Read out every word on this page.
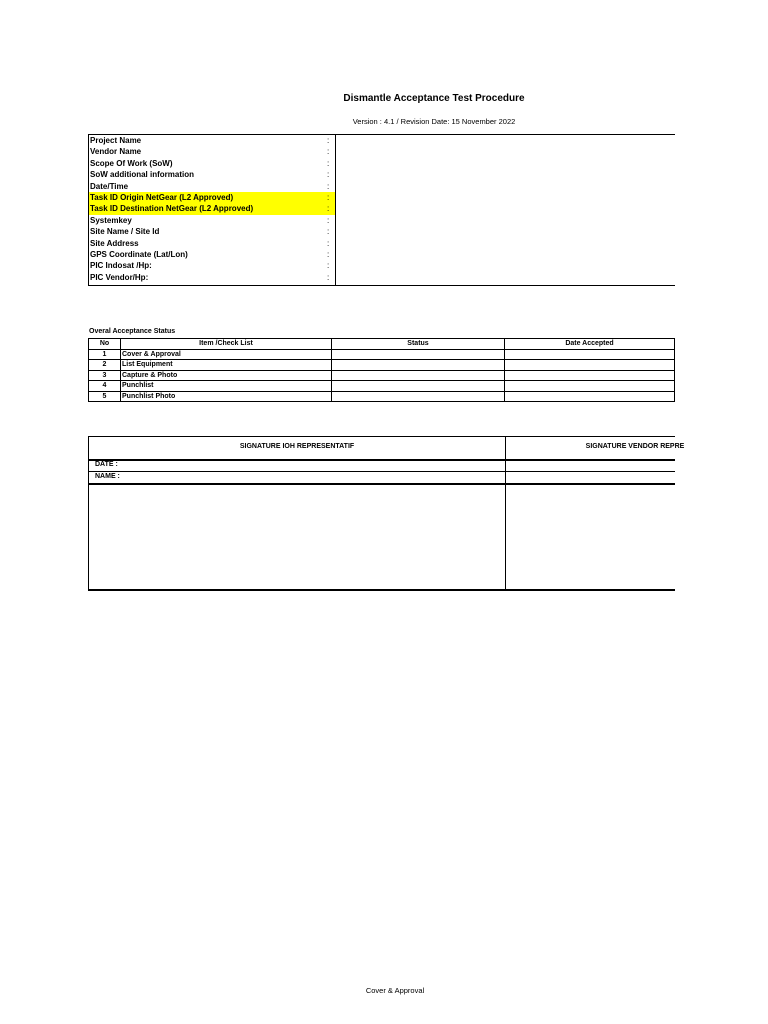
Dismantle Acceptance Test Procedure
Version : 4.1 / Revision Date: 15 November 2022
Project Name	:
Vendor Name	:
Scope Of Work (SoW)	:
SoW additional information	:
Date/Time	:
Task ID Origin NetGear (L2 Approved)	:
Task ID Destination NetGear (L2 Approved)	:
Systemkey	:
Site Name / Site Id	:
Site Address	:
GPS Coordinate (Lat/Lon)	:
PIC Indosat /Hp:	:
PIC Vendor/Hp:	:
Overal Acceptance Status
No	Item /Check List	Status	Date Accepted
1	Cover & Approval		
2	List Equipment		
3	Capture & Photo		
4	Punchlist		
5	Punchlist Photo		
SIGNATURE IOH REPRESENTATIF	SIGNATURE VENDOR REPRE
DATE :
NAME :
Cover & Approval
